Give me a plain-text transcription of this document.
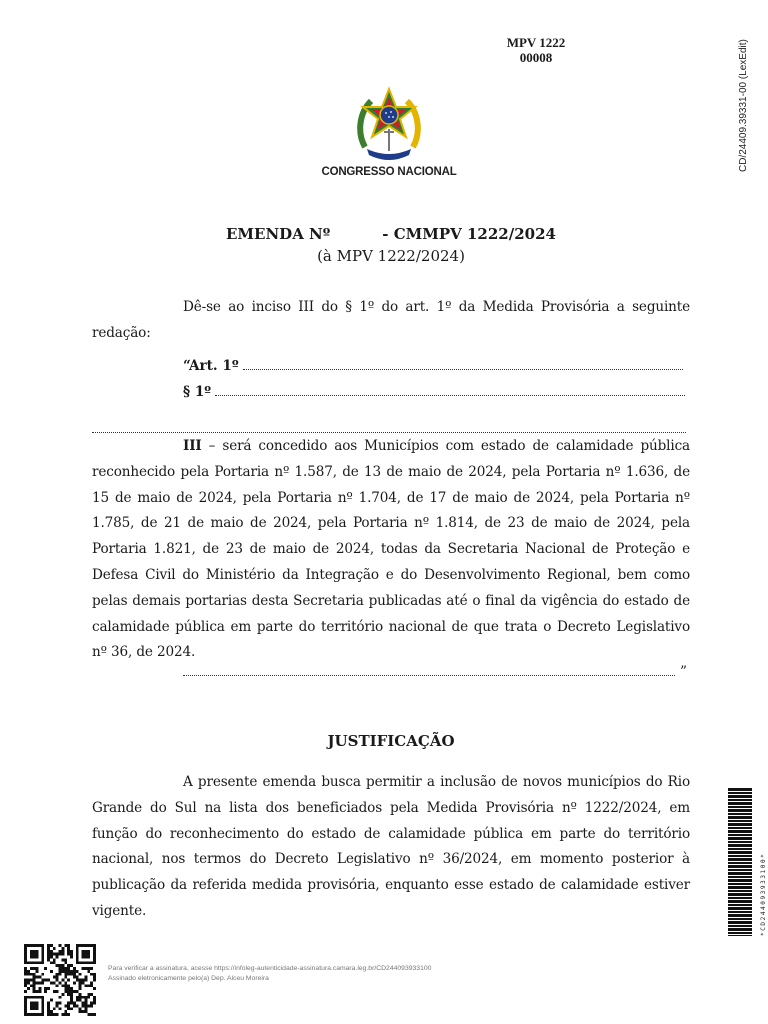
MPV 1222
00008	CD/24409.39331-00 (LexEdit)
CONGRESSO NACIONAL
EMENDA Nº	- CMMPV 1222/2024
(à MPV 1222/2024)
Dê-se ao inciso III do § 1º do art. 1º da Medida Provisória a seguinte redação:
“Art. 1º
§ 1º
III – será concedido aos Municípios com estado de calamidade pública reconhecido pela Portaria nº 1.587, de 13 de maio de 2024, pela Portaria nº 1.636, de 15 de maio de 2024, pela Portaria nº 1.704, de 17 de maio de 2024, pela Portaria nº 1.785, de 21 de maio de 2024, pela Portaria nº 1.814, de 23 de maio de 2024, pela Portaria 1.821, de 23 de maio de 2024, todas da Secretaria Nacional de Proteção e Defesa Civil do Ministério da Integração e do Desenvolvimento Regional, bem como pelas demais portarias desta Secretaria publicadas até o final da vigência do estado de calamidade pública em parte do território nacional de que trata o Decreto Legislativo nº 36, de 2024.
”
JUSTIFICAÇÃO
A presente emenda busca permitir a inclusão de novos municípios do Rio Grande do Sul na lista dos beneficiados pela Medida Provisória nº 1222/2024, em função do reconhecimento do estado de calamidade pública em parte do território nacional, nos termos do Decreto Legislativo nº 36/2024, em momento posterior à publicação da referida medida provisória, enquanto esse estado de calamidade estiver vigente.	*CD244093933100*
Para verificar a assinatura, acesse https://infoleg-autenticidade-assinatura.camara.leg.br/CD244093933100
Assinado eletronicamente pelo(a) Dep. Alceu Moreira
